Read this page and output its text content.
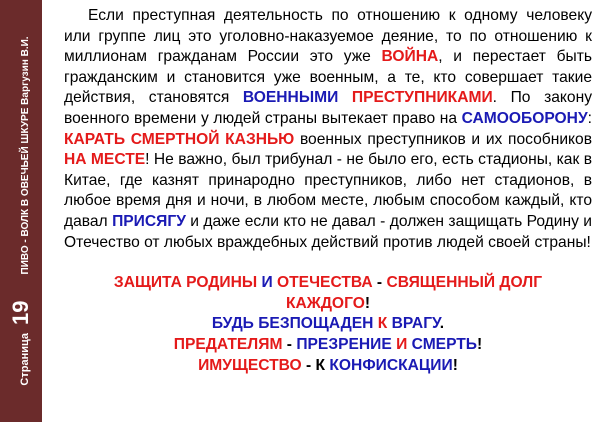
Страница
19
ПИВО - ВОЛК В ОВЕЧЬЕЙ ШКУРЕ Варгузин В.И.

Если преступная деятельность по отношению к одному человеку или группе лиц это уголовно-наказуемое деяние, то по отношению к миллионам гражданам России это уже ВОЙНА, и перестает быть гражданским и становится уже военным, а те, кто совершает такие действия, становятся ВОЕННЫМИ ПРЕСТУПНИКАМИ. По закону военного времени у людей страны вытекает право на САМООБОРОНУ: КАРАТЬ СМЕРТНОЙ КАЗНЬЮ военных преступников и их пособников НА МЕСТЕ! Не важно, был трибунал - не было его, есть стадионы, как в Китае, где казнят принародно преступников, либо нет стадионов, в любое время дня и ночи, в любом месте, любым способом каждый, кто давал ПРИСЯГУ и даже если кто не давал - должен защищать Родину и Отечество от любых враждебных действий против людей своей страны!

ЗАЩИТА РОДИНЫ И ОТЕЧЕСТВА - СВЯЩЕННЫЙ ДОЛГ
КАЖДОГО!
БУДЬ БЕЗПОЩАДЕН К ВРАГУ.
ПРЕДАТЕЛЯМ - ПРЕЗРЕНИЕ И СМЕРТЬ!
ИМУЩЕСТВО - К КОНФИСКАЦИИ!
